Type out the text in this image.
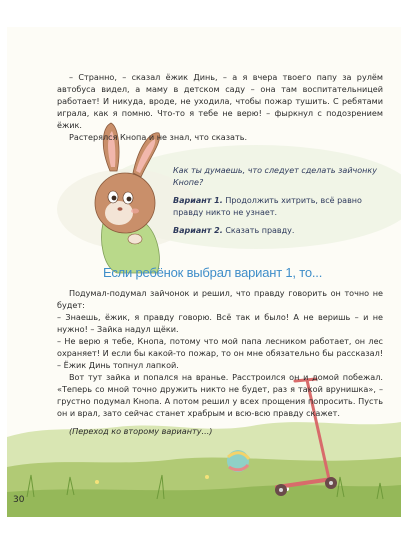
– Странно, – сказал ёжик Динь, – а я вчера твоего папу за рулём автобуса видел, а маму в детском саду – она там воспитательницей работает! И никуда, вроде, не уходила, чтобы пожар тушить. С ребятами играла, как я помню. Что-то я тебе не верю! – фыркнул с подозрением ёжик.

Растерялся Кнопа и не знал, что сказать.

Как ты думаешь, что следует сделать зайчонку Кнопе?
Вариант 1. Продолжить хитрить, всё равно правду никто не узнает.
Вариант 2. Сказать правду.
Если ребёнок выбрал вариант 1, то...

Подумал-подумал зайчонок и решил, что правду говорить он точно не будет:

– Знаешь, ёжик, я правду говорю. Всё так и было! А не веришь – и не нужно! – Зайка надул щёки.

– Не верю я тебе, Кнопа, потому что мой папа лесником работает, он лес охраняет! И если бы какой-то пожар, то он мне обязательно бы рассказал! – Ёжик Динь топнул лапкой.

Вот тут зайка и попался на вранье. Расстроился он и домой побежал. «Теперь со мной точно дружить никто не будет, раз я такой врунишка», – грустно подумал Кнопа. А потом решил у всех прощения попросить. Пусть он и врал, зато сейчас станет храбрым и всю-всю правду скажет.

(Переход ко второму варианту...)

30
